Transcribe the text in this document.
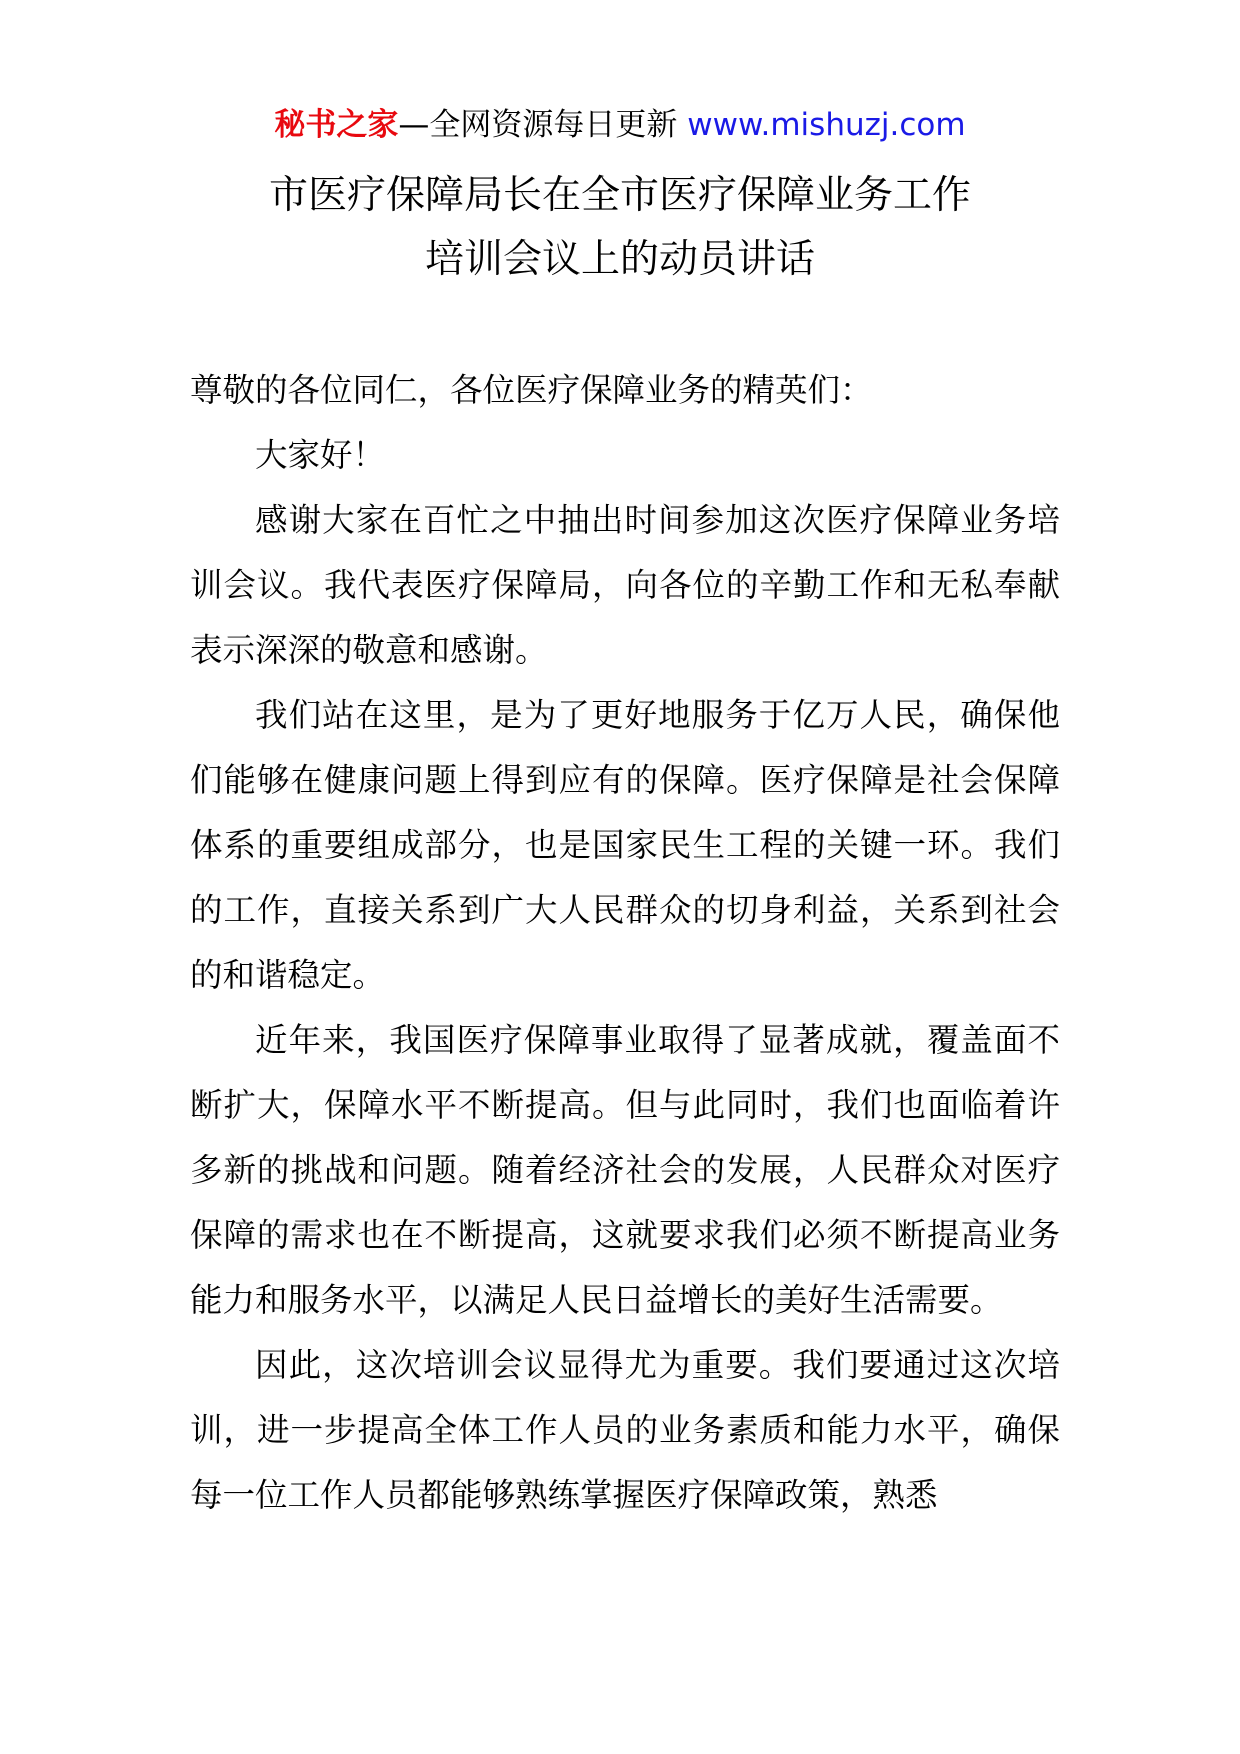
秘书之家—全网资源每日更新 www.mishuzj.com
市医疗保障局长在全市医疗保障业务工作
培训会议上的动员讲话

尊敬的各位同仁，各位医疗保障业务的精英们：

大家好！

感谢大家在百忙之中抽出时间参加这次医疗保障业务培训会议。我代表医疗保障局，向各位的辛勤工作和无私奉献表示深深的敬意和感谢。

我们站在这里，是为了更好地服务于亿万人民，确保他们能够在健康问题上得到应有的保障。医疗保障是社会保障体系的重要组成部分，也是国家民生工程的关键一环。我们的工作，直接关系到广大人民群众的切身利益，关系到社会的和谐稳定。

近年来，我国医疗保障事业取得了显著成就，覆盖面不断扩大，保障水平不断提高。但与此同时，我们也面临着许多新的挑战和问题。随着经济社会的发展，人民群众对医疗保障的需求也在不断提高，这就要求我们必须不断提高业务能力和服务水平，以满足人民日益增长的美好生活需要。

因此，这次培训会议显得尤为重要。我们要通过这次培训，进一步提高全体工作人员的业务素质和能力水平，确保每一位工作人员都能够熟练掌握医疗保障政策，熟悉
